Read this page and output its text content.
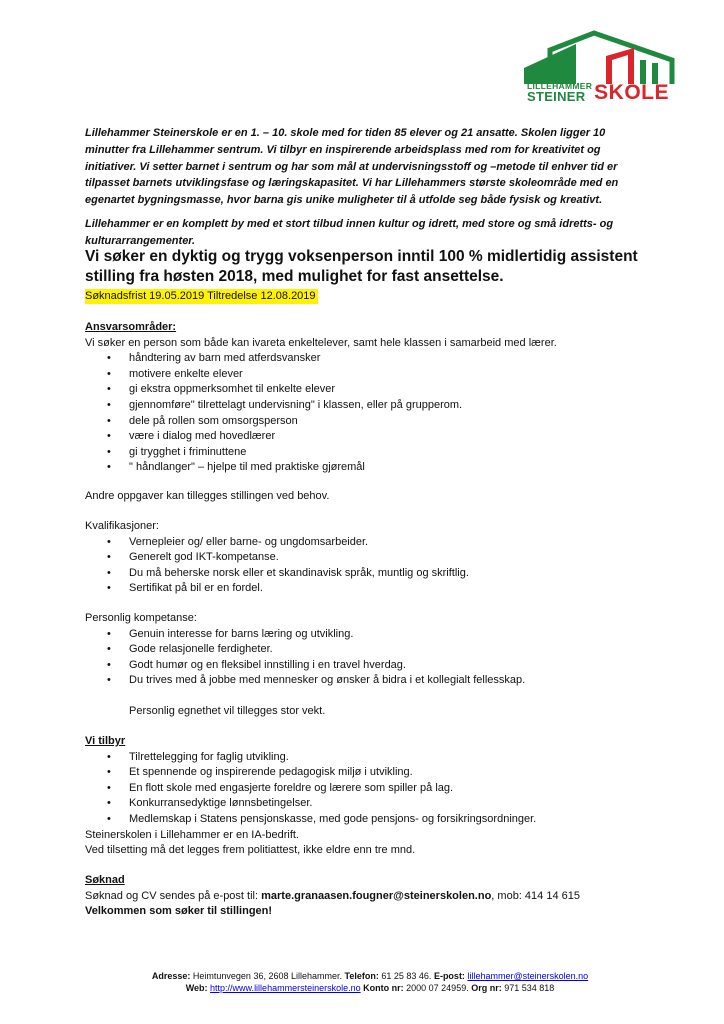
LILLEHAMMER
STEINER SKOLE

Lillehammer Steinerskole er en 1. – 10. skole med for tiden 85 elever og 21 ansatte. Skolen ligger 10 minutter fra Lillehammer sentrum. Vi tilbyr en inspirerende arbeidsplass med rom for kreativitet og initiativer. Vi setter barnet i sentrum og har som mål at undervisningsstoff og –metode til enhver tid er tilpasset barnets utviklingsfase og læringskapasitet. Vi har Lillehammers største skoleområde med en egenartet bygningsmasse, hvor barna gis unike muligheter til å utfolde seg både fysisk og kreativt.

Lillehammer er en komplett by med et stort tilbud innen kultur og idrett, med store og små idretts- og kulturarrangementer.

Vi søker en dyktig og trygg voksenperson inntil 100 % midlertidig assistent stilling fra høsten 2018, med mulighet for fast ansettelse.
Søknadsfrist 19.05.2019 Tiltredelse 12.08.2019
Ansvarsområder:
Vi søker en person som både kan ivareta enkeltelever, samt hele klassen i samarbeid med lærer.
• håndtering av barn med atferdsvansker
• motivere enkelte elever
• gi ekstra oppmerksomhet til enkelte elever
• gjennomføre" tilrettelagt undervisning" i klassen, eller på grupperom.
• dele på rollen som omsorgsperson
• være i dialog med hovedlærer
• gi trygghet i friminuttene
• " håndlanger" – hjelpe til med praktiske gjøremål
Andre oppgaver kan tillegges stillingen ved behov.
Kvalifikasjoner:
• Vernepleier og/ eller barne- og ungdomsarbeider.
• Generelt god IKT-kompetanse.
• Du må beherske norsk eller et skandinavisk språk, muntlig og skriftlig.
• Sertifikat på bil er en fordel.
Personlig kompetanse:
• Genuin interesse for barns læring og utvikling.
• Gode relasjonelle ferdigheter.
• Godt humør og en fleksibel innstilling i en travel hverdag.
• Du trives med å jobbe med mennesker og ønsker å bidra i et kollegialt fellesskap.
Personlig egnethet vil tillegges stor vekt.
Vi tilbyr
• Tilrettelegging for faglig utvikling.
• Et spennende og inspirerende pedagogisk miljø i utvikling.
• En flott skole med engasjerte foreldre og lærere som spiller på lag.
• Konkurransedyktige lønnsbetingelser.
• Medlemskap i Statens pensjonskasse, med gode pensjons- og forsikringsordninger.
Steinerskolen i Lillehammer er en IA-bedrift.
Ved tilsetting må det legges frem politiattest, ikke eldre enn tre mnd.
Søknad
Søknad og CV sendes på e-post til: marte.granaasen.fougner@steinerskolen.no, mob: 414 14 615
Velkommen som søker til stillingen!
Adresse: Heimtunvegen 36, 2608 Lillehammer. Telefon: 61 25 83 46. E-post: lillehammer@steinerskolen.no
Web: http://www.lillehammersteinerskole.no Konto nr: 2000 07 24959. Org nr: 971 534 818
